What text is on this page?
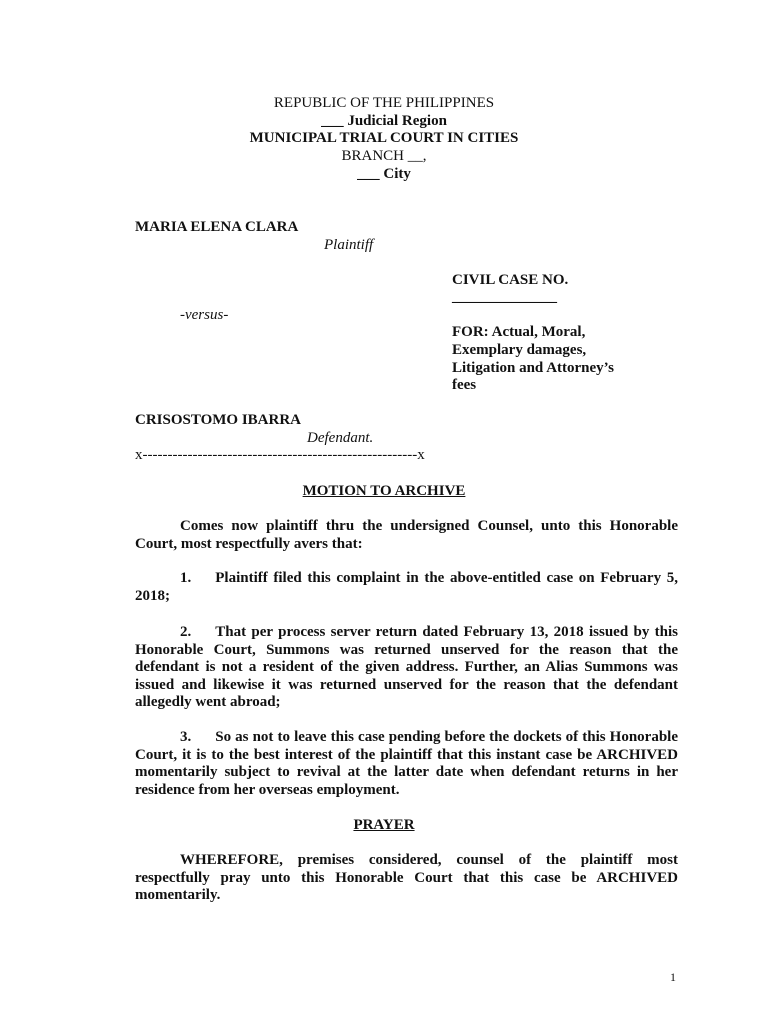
REPUBLIC OF THE PHILIPPINES
___ Judicial Region
MUNICIPAL TRIAL COURT IN CITIES
BRANCH __,
___ City
MARIA ELENA CLARA
Plaintiff
CIVIL CASE NO.
______________
-versus-
FOR: Actual, Moral,
Exemplary damages,
Litigation and Attorney’s
fees
CRISOSTOMO IBARRA
Defendant.
x-------------------------------------------------------x
MOTION TO ARCHIVE
Comes now plaintiff thru the undersigned Counsel, unto this Honorable Court, most respectfully avers that:
1. Plaintiff filed this complaint in the above-entitled case on February 5, 2018;
2. That per process server return dated February 13, 2018 issued by this Honorable Court, Summons was returned unserved for the reason that the defendant is not a resident of the given address. Further, an Alias Summons was issued and likewise it was returned unserved for the reason that the defendant allegedly went abroad;
3. So as not to leave this case pending before the dockets of this Honorable Court, it is to the best interest of the plaintiff that this instant case be ARCHIVED momentarily subject to revival at the latter date when defendant returns in her residence from her overseas employment.
PRAYER
WHEREFORE, premises considered, counsel of the plaintiff most respectfully pray unto this Honorable Court that this case be ARCHIVED momentarily.
1
